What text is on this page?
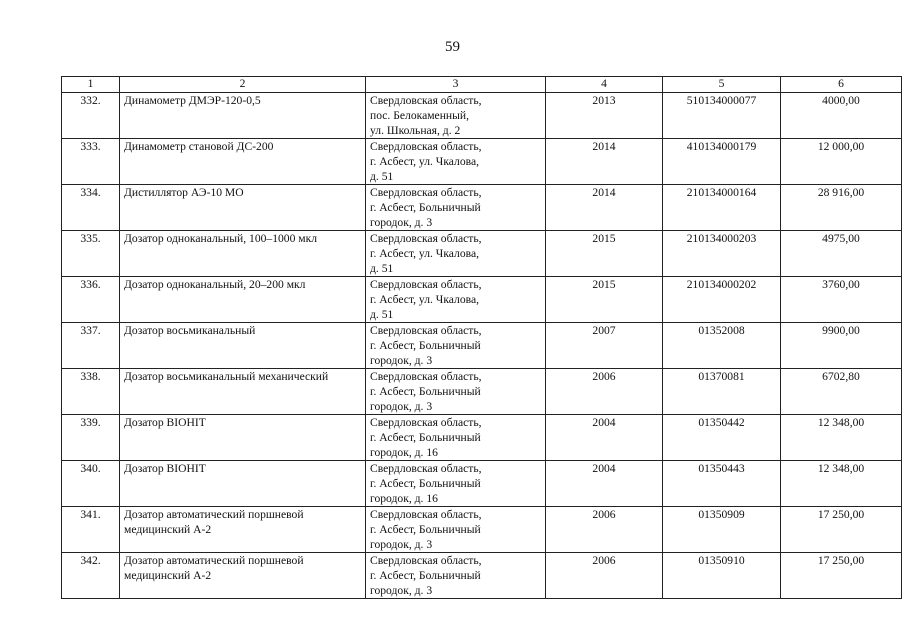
59
1	2	3	4	5	6
332.	Динамометр ДМЭР-120-0,5	Свердловская область,
пос. Белокаменный,
ул. Школьная, д. 2	2013	510134000077	4000,00
333.	Динамометр становой ДС-200	Свердловская область,
г. Асбест, ул. Чкалова,
д. 51	2014	410134000179	12 000,00
334.	Дистиллятор АЭ-10 МО	Свердловская область,
г. Асбест, Больничный
городок, д. 3	2014	210134000164	28 916,00
335.	Дозатор одноканальный, 100–1000 мкл	Свердловская область,
г. Асбест, ул. Чкалова,
д. 51	2015	210134000203	4975,00
336.	Дозатор одноканальный, 20–200 мкл	Свердловская область,
г. Асбест, ул. Чкалова,
д. 51	2015	210134000202	3760,00
337.	Дозатор восьмиканальный	Свердловская область,
г. Асбест, Больничный
городок, д. 3	2007	01352008	9900,00
338.	Дозатор восьмиканальный механический	Свердловская область,
г. Асбест, Больничный
городок, д. 3	2006	01370081	6702,80
339.	Дозатор BIOHIT	Свердловская область,
г. Асбест, Больничный
городок, д. 16	2004	01350442	12 348,00
340.	Дозатор BIOHIT	Свердловская область,
г. Асбест, Больничный
городок, д. 16	2004	01350443	12 348,00
341.	Дозатор автоматический поршневой
медицинский А-2	Свердловская область,
г. Асбест, Больничный
городок, д. 3	2006	01350909	17 250,00
342.	Дозатор автоматический поршневой
медицинский А-2	Свердловская область,
г. Асбест, Больничный
городок, д. 3	2006	01350910	17 250,00
